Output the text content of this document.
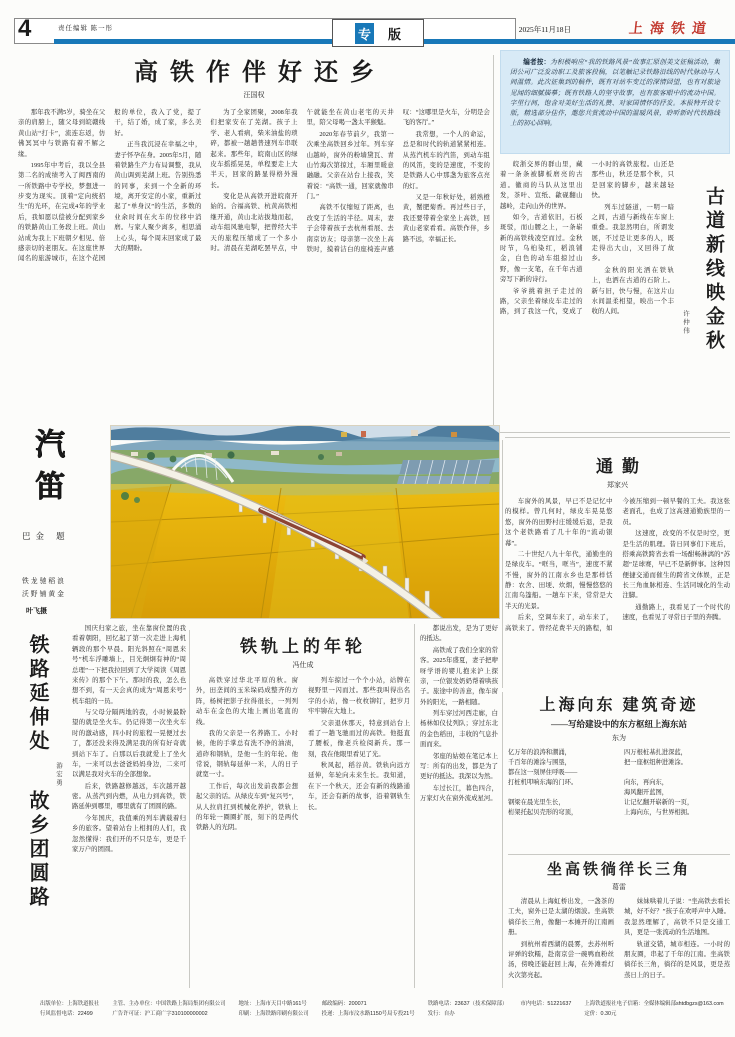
4	责任编辑 陈一彤	专 版	2025年11月18日	上海铁道
高铁作伴好还乡
汪国权

那年我不满5岁，骑坐在父亲的肩膀上，随父母到皖赣线黄山站“打卡”，流连忘返，仿佛冥冥中与铁路有着不解之缘。

1995年中考后，我以全县第二名的成绩考入了闽西南的一所铁路中专学校，梦想进一步变为现实。顶着“定向统招生”的光环，在完成4年的学业后，我如愿以偿被分配到家乡的铁路黄山工务段上班。黄山站成为我上下班朝夕相见、倍感亲切的老朋友。在这座世界闻名的旅游城市，在这个花园般的单位，我入了党，提了干，结了婚，成了家，多么美好。

正当我沉浸在幸福之中，妻子怀孕在身。2005年5月，随着铁路生产力布局调整，我从黄山调到芜湖上班。告别热悉的同事，来到一个全新的环境，离开安定的小家，重新过起了“单身汉”的生活，多数的业余时间在火车的位移中消磨。与家人聚少离多，相思涌上心头，每个周末回家成了最大的期盼。

为了全家团聚，2008年我们把家安在了芜湖。孩子上学、老人看病，柴米油盐的琐碎，都被一趟趟普速列车串联起来。那些年，皖南山区的绿皮车摇摇晃晃，单程要走上大半天，回家的路显得格外漫长。

变化是从高铁开进皖南开始的。合福高铁、杭黄高铁相继开通，黄山北站拔地而起，动车组风驰电掣，把曾经大半天的旅程压缩成了一个多小时。清晨在芜湖吃罢早点，中午就能坐在黄山老宅的天井里，陪父母喝一盏太平猴魁。

2020年春节前夕，我第一次乘坐高铁回乡过年。列车穿山越岭，窗外的粉墙黛瓦、青山竹海次第掠过，车厢里暖意融融。父亲在站台上接我，笑着说：“高铁一通，回家就像串门。”

高铁不仅缩短了距离，也改变了生活的半径。周末，妻子会带着孩子去杭州看展、去南京访友；母亲第一次坐上高铁时，摸着洁白的座椅连声感叹：“这哪里是火车，分明是会飞的客厅。”

我常想，一个人的命运，总是和时代的轨道紧紧相连。从蒸汽机车的汽笛，到动车组的风笛，变的是速度，不变的是铁路人心中那盏为旅客点亮的灯。

又是一年秋好处，稻熟橙黄，蟹肥菊香。再过些日子，我还要带着全家坐上高铁，回黄山老家看看。高铁作伴，乡路不远，幸福正长。

编者按：为积极响应“我的铁路风景”故事汇原创美文征稿活动，集团公司广泛发动职工及旅客投稿，以笔触记录铁路沿线的时代脉动与人间温情。此次征集到的稿件，既有对站车变迁的深情回望，也有对旅途见闻的细腻描摹；既有铁路人的坚守故事，也有旅客眼中的流动中国。字里行间，饱含对美好生活的礼赞、对家国情怀的抒发。本报特开设专版，精选部分佳作，邀您共赏流动中国的温暖风景，聆听新时代铁路线上的初心回响。

皖浙交界的群山里，藏着一条条被脚板磨亮的古道。徽商的马队从这里出发，茶叶、宣纸、歙砚翻山越岭，走向山外的世界。

如今，古道依旧，石板斑驳，而山腰之上，一条崭新的高铁线凌空而过。金秋时节，乌桕染红，稻浪铺金，白色的动车组掠过山野，像一支笔，在千年古道旁写下新的诗行。

爷爷挑着担子走过的路，父亲坐着绿皮车走过的路，到了我这一代，变成了一小时的高铁旅程。山还是那些山，秋还是那个秋，只是回家的脚步，越来越轻快。

列车过隧道，一明一暗之间，古道与新线在车窗上重叠。我忽然明白，所谓发展，不过是让更多的人，既走得出大山，又回得了故乡。

金秋的阳光洒在铁轨上，也洒在古道的石阶上。新与旧，快与慢，在这片山水间温柔相望，映出一个丰收的人间。	古道新线映金秋
许仲伟
汽笛
巴金 题
铁龙驰稻浪
沃野铺黄金
叶飞摄
通勤
郑家兴

车窗外的风景，早已不是记忆中的模样。曾几何时，绿皮车晃晃悠悠，窗外的田野村庄缓缓后退，是我这个老铁路看了几十年的“流动银幕”。

二十世纪八九十年代，通勤坐的是绿皮车。“哐当，哐当”，速度不紧不慢，窗外的江南水乡也是那样恬静：农舍、田埂、炊烟，慢慢悠悠的江南乌篷船。一趟车下来，常常是大半天的光景。

后来，空调车来了，动车来了，高铁来了。曾经花费半天的路程，如今被压缩到一顿早餐的工夫。我这张老面孔，也成了这高速通勤族里的一员。

这速度，改变的不仅是时空，更是生活的肌理。昔日同事们下班后，搭乘高铁跨省去看一场酣畅淋漓的“苏超”足球赛，早已不是新鲜事。这种因便捷交通而催生的跨省文体娱，正是长三角血脉相连、生活同城化的生动注脚。

通勤路上，我看见了一个时代的速度，也看见了寻常日子里的奔腾。

铁路延伸处
故乡团圆路
游宏勇

国庆归家之旅，坐在靠窗位置的我看着朝阳，回忆起了第一次走进上海机辆段的那个早晨。阳光斜照在“周恩来号”机车浮雕墙上，目光炯炯有神的“周总理”一下把我拉回到了大学阅读《周恩来传》的那个下午。那时的我，怎么也想不到，有一天会真的成为“周恩来号”机车组的一员。

与父母分隔两地的我，小时候最盼望的就是坐火车。仍记得第一次坐火车时的激动感，四小时的旅程一晃便过去了，都还没来得及满足我的所有好奇就到站下车了。自那以后我就爱上了坐火车，一来可以去爸爸妈妈身边，二来可以满足我对火车的全部想象。

后来，铁路越修越远，车次越开越密。从蒸汽到内燃，从电力到高铁，铁路延伸到哪里，哪里就有了团圆的路。

今年国庆，我值乘的列车满载着归乡的旅客。望着站台上相拥的人们，我忽然懂得：我们开的不只是车，更是千家万户的团圆。

铁轨上的年轮
冯仕成

高铁穿过华北平原的秋。窗外，田垄间的玉米垛码成整齐的方阵，杨树把影子拉得很长，一列列动车在金色的大地上画出笔直的线。

我的父亲是一名养路工。小时候，他的手掌总有洗不净的油渍，道砟和钢轨，是他一生的年轮。他常说，钢轨每延伸一米，人的日子就宽一寸。

工作后，每次出发前我都会想起父亲的话。从绿皮车到“复兴号”，从人拉肩扛到机械化养护，铁轨上的年轮一圈圈扩展，刻下的是两代铁路人的光阴。

列车掠过一个个小站，站牌在视野里一闪而过。那些我叫得出名字的小站，像一枚枚铆钉，把岁月牢牢铆在大地上。

父亲退休那天，特意到站台上看了一趟飞驰而过的高铁。他挺直了腰板，像老兵检阅新兵。那一刻，我在他眼里看见了光。

秋风起，稻谷黄。铁轨向远方延伸，年轮向未来生长。我知道，在下一个秋天，还会有新的线路通车，还会有新的故事，沿着钢轨生长。

都说出发，是为了更好的抵达。

高铁成了我们全家的常客。2025年盛夏，妻子把咿呀学语的婴儿抱来沪上探亲，一位银发奶奶帮着哄孩子。旅途中的善意，像车窗外的阳光，一路相随。

列车穿过河西走廊，白杨林如仪仗列队；穿过东北的金色稻田，丰收的气息扑面而来。

邻座的姑娘在笔记本上写：所有的出发，都是为了更好的抵达。我深以为然。

车过长江，暮色四合，万家灯火在窗外流成星河。

上海向东 建筑奇迹
——写给建设中的东方枢纽上海东站
东为
亿万年的浪涛和潮涌，
千百年的滩涂与围垦，
都在这一刻屏住呼吸——
打桩机叩响东海的门环。
钢梁在晨光里生长，
桁架托起贝壳形的穹顶，
四万根桩基扎进深蓝，
把一座枢纽种进滩涂。
向东，再向东，
海风翻开蓝图，
让记忆翻开崭新的一页，
上海向东，与世界相拥。
坐高铁徜徉长三角
葛雷

清晨从上海虹桥出发，一盏茶的工夫，窗外已是太湖的烟波。坐高铁徜徉长三角，像翻一本摊开的江南画册。

到杭州看西湖的晨雾，去苏州听评弹的软糯，赴南京尝一碗鸭血粉丝汤，傍晚还能赶回上海，在外滩看灯火次第亮起。

妹妹哄着儿子说：“坐高铁去看长城，好不好？”孩子在欢呼声中入睡。我忽然理解了，高铁不只是交通工具，更是一张流动的生活地图。

轨道交错，城市相连。一小时的朋友圈，串起了千年的江南。坐高铁徜徉长三角，徜徉的是风景，更是蒸蒸日上的日子。

出版单位：上海铁道报社
行风监督电话：22499
主管、主办单位：中国铁路上海局集团有限公司
广告许可证：沪工商广字310100000002
地址：上海市天目中路161号
印刷：上海铁路印刷有限公司
邮政编码：200071
投递：上海市汶水路1150号局专投21号
铁路电话：23637（技术保障部）
发行：自办
市内电话：51221637 上海铁道报社电子信箱：全媒体编辑部shtdbgzs@163.com
定价：0.30元
